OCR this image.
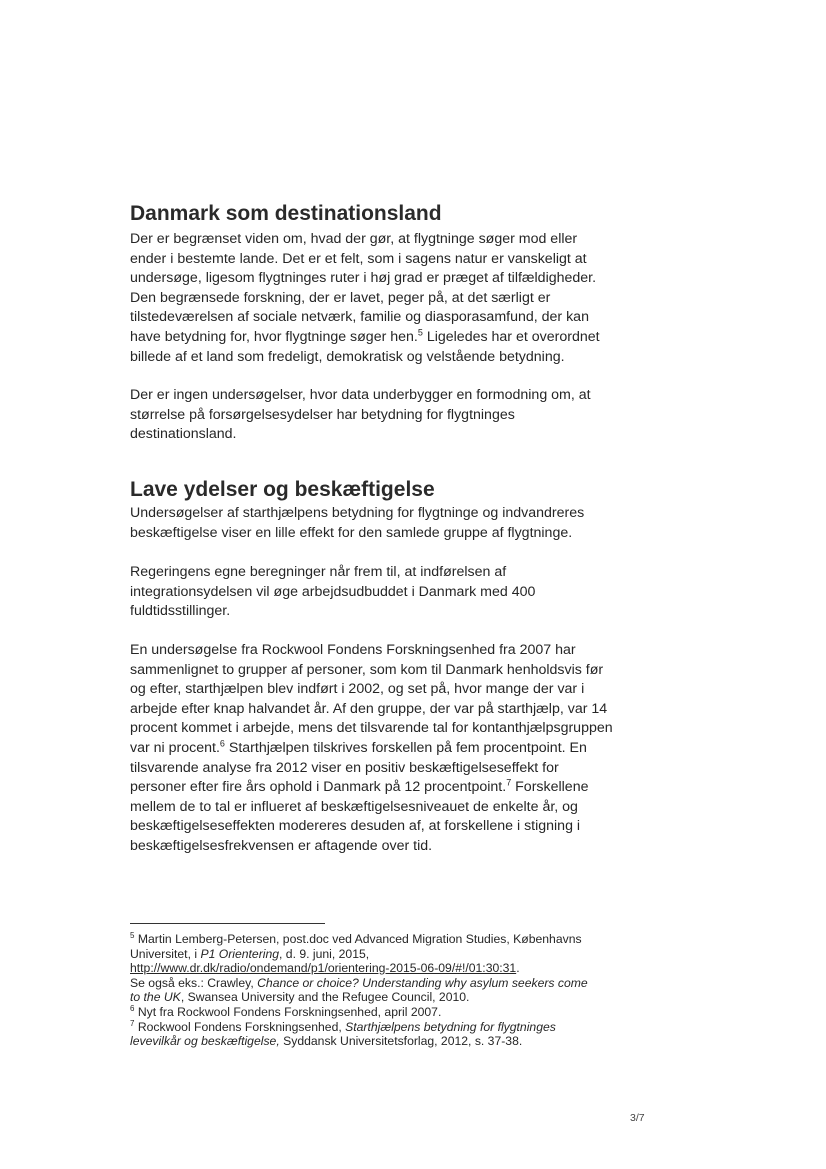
Danmark som destinationsland

Der er begrænset viden om, hvad der gør, at flygtninge søger mod eller
ender i bestemte lande. Det er et felt, som i sagens natur er vanskeligt at
undersøge, ligesom flygtninges ruter i høj grad er præget af tilfældigheder.
Den begrænsede forskning, der er lavet, peger på, at det særligt er
tilstedeværelsen af sociale netværk, familie og diasporasamfund, der kan
have betydning for, hvor flygtninge søger hen.$^5$ Ligeledes har et overordnet
billede af et land som fredeligt, demokratisk og velstående betydning.

Der er ingen undersøgelser, hvor data underbygger en formodning om, at
størrelse på forsørgelsesydelser har betydning for flygtninges
destinationsland.

Lave ydelser og beskæftigelse

Undersøgelser af starthjælpens betydning for flygtninge og indvandreres
beskæftigelse viser en lille effekt for den samlede gruppe af flygtninge.

Regeringens egne beregninger når frem til, at indførelsen af
integrationsydelsen vil øge arbejdsudbuddet i Danmark med 400
fuldtidsstillinger.

En undersøgelse fra Rockwool Fondens Forskningsenhed fra 2007 har
sammenlignet to grupper af personer, som kom til Danmark henholdsvis før
og efter, starthjælpen blev indført i 2002, og set på, hvor mange der var i
arbejde efter knap halvandet år. Af den gruppe, der var på starthjælp, var 14
procent kommet i arbejde, mens det tilsvarende tal for kontanthjælpsgruppen
var ni procent.$^6$ Starthjælpen tilskrives forskellen på fem procentpoint. En
tilsvarende analyse fra 2012 viser en positiv beskæftigelseseffekt for
personer efter fire års ophold i Danmark på 12 procentpoint.$^7$ Forskellene
mellem de to tal er influeret af beskæftigelsesniveauet de enkelte år, og
beskæftigelseseffekten modereres desuden af, at forskellene i stigning i
beskæftigelsesfrekvensen er aftagende over tid.

$^5$ Martin Lemberg-Petersen, post.doc ved Advanced Migration Studies, Københavns
Universitet, i P1 Orientering, d. 9. juni, 2015,
http://www.dr.dk/radio/ondemand/p1/orientering-2015-06-09/#!/01:30:31.
Se også eks.: Crawley, Chance or choice? Understanding why asylum seekers come
to the UK, Swansea University and the Refugee Council, 2010.
$^6$ Nyt fra Rockwool Fondens Forskningsenhed, april 2007.
$^7$ Rockwool Fondens Forskningsenhed, Starthjælpens betydning for flygtninges
levevilkår og beskæftigelse, Syddansk Universitetsforlag, 2012, s. 37-38.
3/7
